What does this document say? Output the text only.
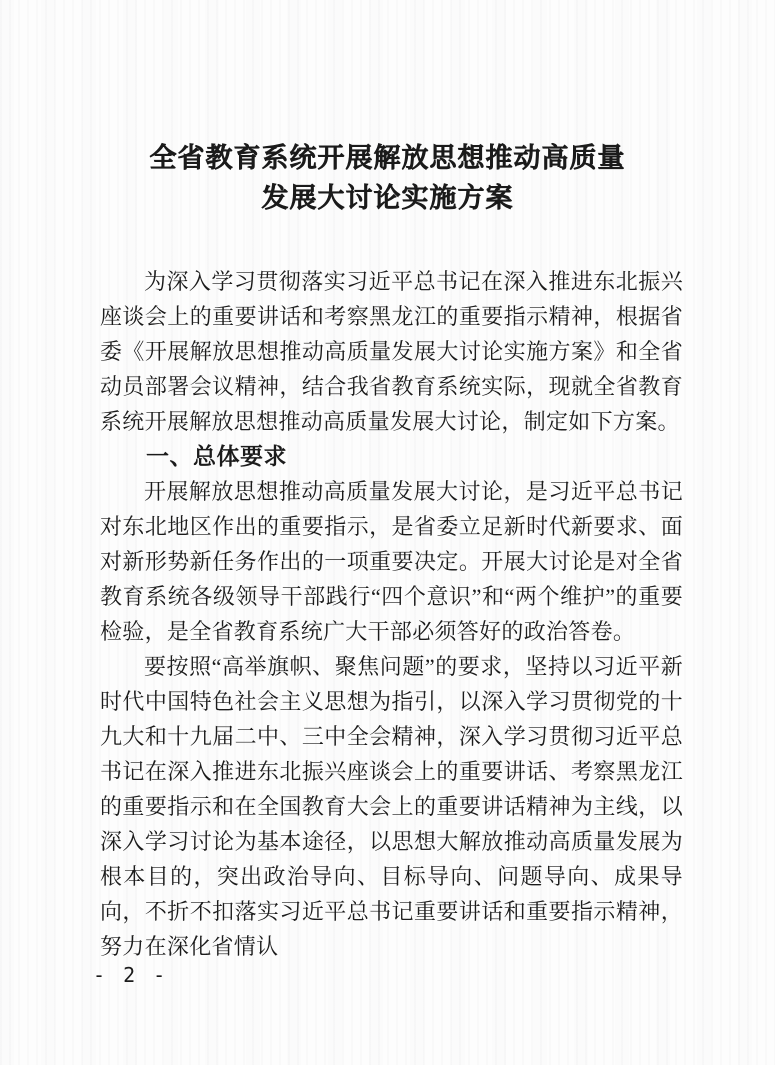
全省教育系统开展解放思想推动高质量
发展大讨论实施方案

为深入学习贯彻落实习近平总书记在深入推进东北振兴座谈会上的重要讲话和考察黑龙江的重要指示精神，根据省委《开展解放思想推动高质量发展大讨论实施方案》和全省动员部署会议精神，结合我省教育系统实际，现就全省教育系统开展解放思想推动高质量发展大讨论，制定如下方案。

一、总体要求

开展解放思想推动高质量发展大讨论，是习近平总书记对东北地区作出的重要指示，是省委立足新时代新要求、面对新形势新任务作出的一项重要决定。开展大讨论是对全省教育系统各级领导干部践行“四个意识”和“两个维护”的重要检验，是全省教育系统广大干部必须答好的政治答卷。

要按照“高举旗帜、聚焦问题”的要求，坚持以习近平新时代中国特色社会主义思想为指引，以深入学习贯彻党的十九大和十九届二中、三中全会精神，深入学习贯彻习近平总书记在深入推进东北振兴座谈会上的重要讲话、考察黑龙江的重要指示和在全国教育大会上的重要讲话精神为主线，以深入学习讨论为基本途径，以思想大解放推动高质量发展为根本目的，突出政治导向、目标导向、问题导向、成果导向，不折不扣落实习近平总书记重要讲话和重要指示精神，努力在深化省情认

- 2 -
